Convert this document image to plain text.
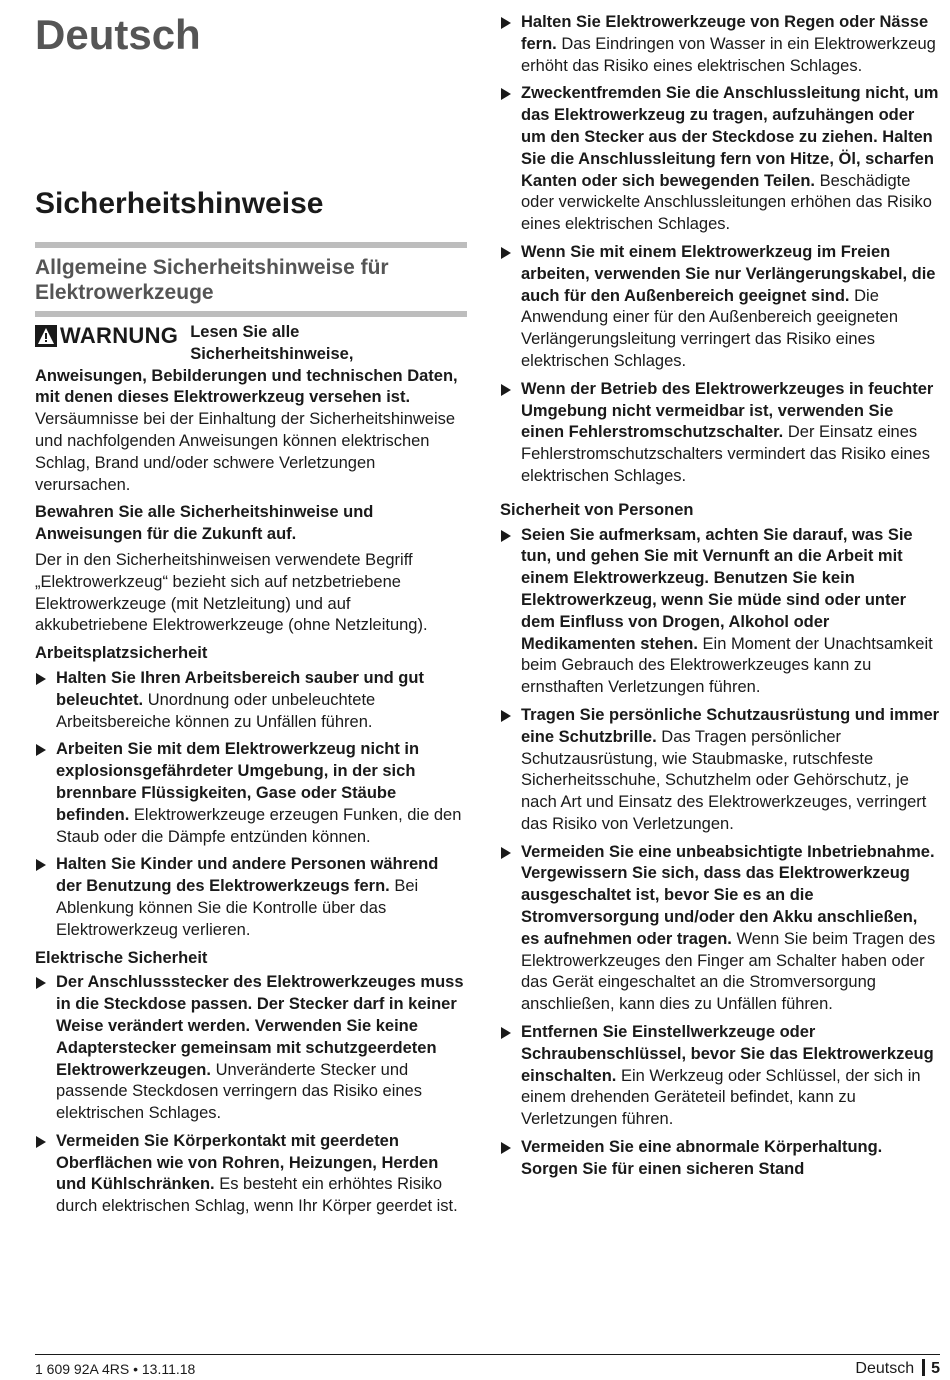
Deutsch
Sicherheitshinweise
Allgemeine Sicherheitshinweise für Elektrowerkzeuge

WARNUNG Lesen Sie alle Sicherheitshinweise, Anweisungen, Bebilderungen und technischen Daten, mit denen dieses Elektrowerkzeug versehen ist. Versäumnisse bei der Einhaltung der Sicherheitshinweise und nachfolgenden Anweisungen können elektrischen Schlag, Brand und/oder schwere Verletzungen verursachen.

Bewahren Sie alle Sicherheitshinweise und Anweisungen für die Zukunft auf.

Der in den Sicherheitshinweisen verwendete Begriff „Elektrowerkzeug“ bezieht sich auf netzbetriebene Elektrowerkzeuge (mit Netzleitung) und auf akkubetriebene Elektrowerkzeuge (ohne Netzleitung).

Arbeitsplatzsicherheit
Halten Sie Ihren Arbeitsbereich sauber und gut beleuchtet. Unordnung oder unbeleuchtete Arbeitsbereiche können zu Unfällen führen.
Arbeiten Sie mit dem Elektrowerkzeug nicht in explosionsgefährdeter Umgebung, in der sich brennbare Flüssigkeiten, Gase oder Stäube befinden. Elektrowerkzeuge erzeugen Funken, die den Staub oder die Dämpfe entzünden können.
Halten Sie Kinder und andere Personen während der Benutzung des Elektrowerkzeugs fern. Bei Ablenkung können Sie die Kontrolle über das Elektrowerkzeug verlieren.
Elektrische Sicherheit
Der Anschlussstecker des Elektrowerkzeuges muss in die Steckdose passen. Der Stecker darf in keiner Weise verändert werden. Verwenden Sie keine Adapterstecker gemeinsam mit schutzgeerdeten Elektrowerkzeugen. Unveränderte Stecker und passende Steckdosen verringern das Risiko eines elektrischen Schlages.
Vermeiden Sie Körperkontakt mit geerdeten Oberflächen wie von Rohren, Heizungen, Herden und Kühlschränken. Es besteht ein erhöhtes Risiko durch elektrischen Schlag, wenn Ihr Körper geerdet ist.
Halten Sie Elektrowerkzeuge von Regen oder Nässe fern. Das Eindringen von Wasser in ein Elektrowerkzeug erhöht das Risiko eines elektrischen Schlages.
Zweckentfremden Sie die Anschlussleitung nicht, um das Elektrowerkzeug zu tragen, aufzuhängen oder um den Stecker aus der Steckdose zu ziehen. Halten Sie die Anschlussleitung fern von Hitze, Öl, scharfen Kanten oder sich bewegenden Teilen. Beschädigte oder verwickelte Anschlussleitungen erhöhen das Risiko eines elektrischen Schlages.
Wenn Sie mit einem Elektrowerkzeug im Freien arbeiten, verwenden Sie nur Verlängerungskabel, die auch für den Außenbereich geeignet sind. Die Anwendung einer für den Außenbereich geeigneten Verlängerungsleitung verringert das Risiko eines elektrischen Schlages.
Wenn der Betrieb des Elektrowerkzeuges in feuchter Umgebung nicht vermeidbar ist, verwenden Sie einen Fehlerstromschutzschalter. Der Einsatz eines Fehlerstromschutzschalters vermindert das Risiko eines elektrischen Schlages.
Sicherheit von Personen
Seien Sie aufmerksam, achten Sie darauf, was Sie tun, und gehen Sie mit Vernunft an die Arbeit mit einem Elektrowerkzeug. Benutzen Sie kein Elektrowerkzeug, wenn Sie müde sind oder unter dem Einfluss von Drogen, Alkohol oder Medikamenten stehen. Ein Moment der Unachtsamkeit beim Gebrauch des Elektrowerkzeuges kann zu ernsthaften Verletzungen führen.
Tragen Sie persönliche Schutzausrüstung und immer eine Schutzbrille. Das Tragen persönlicher Schutzausrüstung, wie Staubmaske, rutschfeste Sicherheitsschuhe, Schutzhelm oder Gehörschutz, je nach Art und Einsatz des Elektrowerkzeuges, verringert das Risiko von Verletzungen.
Vermeiden Sie eine unbeabsichtigte Inbetriebnahme. Vergewissern Sie sich, dass das Elektrowerkzeug ausgeschaltet ist, bevor Sie es an die Stromversorgung und/oder den Akku anschließen, es aufnehmen oder tragen. Wenn Sie beim Tragen des Elektrowerkzeuges den Finger am Schalter haben oder das Gerät eingeschaltet an die Stromversorgung anschließen, kann dies zu Unfällen führen.
Entfernen Sie Einstellwerkzeuge oder Schraubenschlüssel, bevor Sie das Elektrowerkzeug einschalten. Ein Werkzeug oder Schlüssel, der sich in einem drehenden Geräteteil befindet, kann zu Verletzungen führen.
Vermeiden Sie eine abnormale Körperhaltung. Sorgen Sie für einen sicheren Stand
1 609 92A 4RS • 13.11.18	Deutsch 5
